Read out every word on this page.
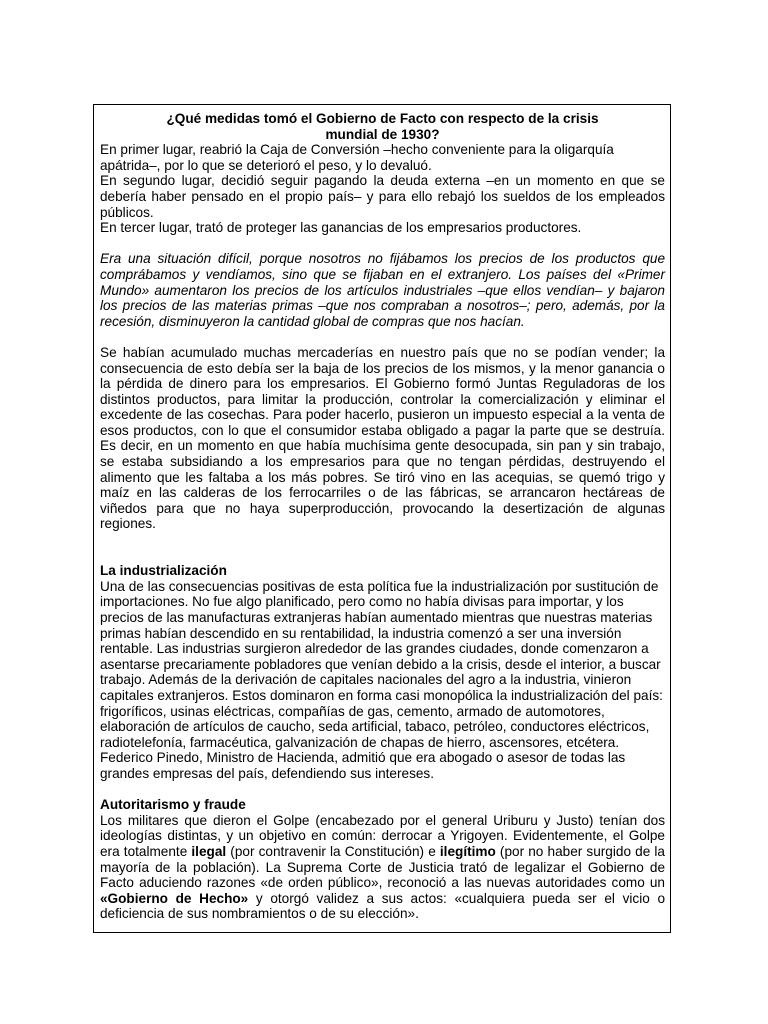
¿Qué medidas tomó el Gobierno de Facto con respecto de la crisis mundial de 1930?

En primer lugar, reabrió la Caja de Conversión –hecho conveniente para la oligarquía apátrida–, por lo que se deterioró el peso, y lo devaluó.

En segundo lugar, decidió seguir pagando la deuda externa –en un momento en que se debería haber pensado en el propio país– y para ello rebajó los sueldos de los empleados públicos.

En tercer lugar, trató de proteger las ganancias de los empresarios productores.

Era una situación difícil, porque nosotros no fijábamos los precios de los productos que comprábamos y vendíamos, sino que se fijaban en el extranjero. Los países del «Primer Mundo» aumentaron los precios de los artículos industriales –que ellos vendían– y bajaron los precios de las materias primas –que nos compraban a nosotros–; pero, además, por la recesión, disminuyeron la cantidad global de compras que nos hacían.

Se habían acumulado muchas mercaderías en nuestro país que no se podían vender; la consecuencia de esto debía ser la baja de los precios de los mismos, y la menor ganancia o la pérdida de dinero para los empresarios. El Gobierno formó Juntas Reguladoras de los distintos productos, para limitar la producción, controlar la comercialización y eliminar el excedente de las cosechas. Para poder hacerlo, pusieron un impuesto especial a la venta de esos productos, con lo que el consumidor estaba obligado a pagar la parte que se destruía. Es decir, en un momento en que había muchísima gente desocupada, sin pan y sin trabajo, se estaba subsidiando a los empresarios para que no tengan pérdidas, destruyendo el alimento que les faltaba a los más pobres. Se tiró vino en las acequias, se quemó trigo y maíz en las calderas de los ferrocarriles o de las fábricas, se arrancaron hectáreas de viñedos para que no haya superproducción, provocando la desertización de algunas regiones.

La industrialización

Una de las consecuencias positivas de esta política fue la industrialización por sustitución de importaciones. No fue algo planificado, pero como no había divisas para importar, y los precios de las manufacturas extranjeras habían aumentado mientras que nuestras materias primas habían descendido en su rentabilidad, la industria comenzó a ser una inversión rentable. Las industrias surgieron alrededor de las grandes ciudades, donde comenzaron a asentarse precariamente pobladores que venían debido a la crisis, desde el interior, a buscar trabajo. Además de la derivación de capitales nacionales del agro a la industria, vinieron capitales extranjeros. Estos dominaron en forma casi monopólica la industrialización del país: frigoríficos, usinas eléctricas, compañías de gas, cemento, armado de automotores, elaboración de artículos de caucho, seda artificial, tabaco, petróleo, conductores eléctricos, radiotelefonía, farmacéutica, galvanización de chapas de hierro, ascensores, etcétera. Federico Pinedo, Ministro de Hacienda, admitió que era abogado o asesor de todas las grandes empresas del país, defendiendo sus intereses.

Autoritarismo y fraude

Los militares que dieron el Golpe (encabezado por el general Uriburu y Justo) tenían dos ideologías distintas, y un objetivo en común: derrocar a Yrigoyen. Evidentemente, el Golpe era totalmente ilegal (por contravenir la Constitución) e ilegítimo (por no haber surgido de la mayoría de la población). La Suprema Corte de Justicia trató de legalizar el Gobierno de Facto aduciendo razones «de orden público», reconoció a las nuevas autoridades como un «Gobierno de Hecho» y otorgó validez a sus actos: «cualquiera pueda ser el vicio o deficiencia de sus nombramientos o de su elección».
